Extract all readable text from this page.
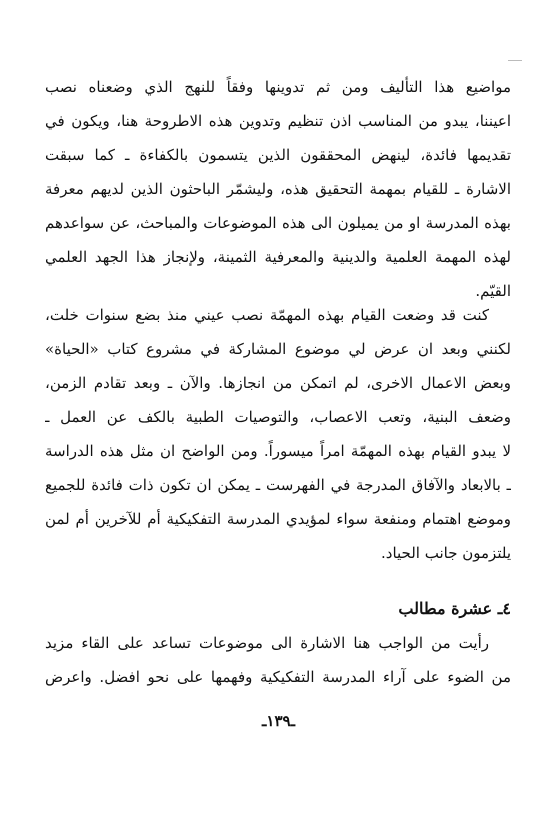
مواضيع هذا التأليف ومن ثم تدوينها وفقاً للنهج الذي وضعناه نصب
اعيننا، يبدو من المناسب اذن تنظيم وتدوين هذه الاطروحة هنا، ويكون في
تقديمها فائدة، لينهض المحققون الذين يتسمون بالكفاءة ـ كما سبقت
الاشارة ـ للقيام بمهمة التحقيق هذه، وليشمّر الباحثون الذين لديهم معرفة
بهذه المدرسة او من يميلون الى هذه الموضوعات والمباحث، عن سواعدهم
لهذه المهمة العلمية والدينية والمعرفية الثمينة، ولإنجاز هذا الجهد العلمي
القيّم.
كنت قد وضعت القيام بهذه المهمّة نصب عيني منذ بضع سنوات خلت،
لكنني وبعد ان عرض لي موضوع المشاركة في مشروع كتاب «الحياة»
وبعض الاعمال الاخرى، لم اتمكن من انجازها. والآن ـ وبعد تقادم الزمن،
وضعف البنية، وتعب الاعصاب، والتوصيات الطبية بالكف عن العمل ـ
لا يبدو القيام بهذه المهمّة امراً ميسوراً. ومن الواضح ان مثل هذه الدراسة
ـ بالابعاد والآفاق المدرجة في الفهرست ـ يمكن ان تكون ذات فائدة للجميع
وموضع اهتمام ومنفعة سواء لمؤيدي المدرسة التفكيكية أم للآخرين أم لمن
يلتزمون جانب الحياد.
٤ـ عشرة مطالب
رأيت من الواجب هنا الاشارة الى موضوعات تساعد على القاء مزيد
من الضوء على آراء المدرسة التفكيكية وفهمها على نحو افضل. واعرض
ـ١٣٩ـ
